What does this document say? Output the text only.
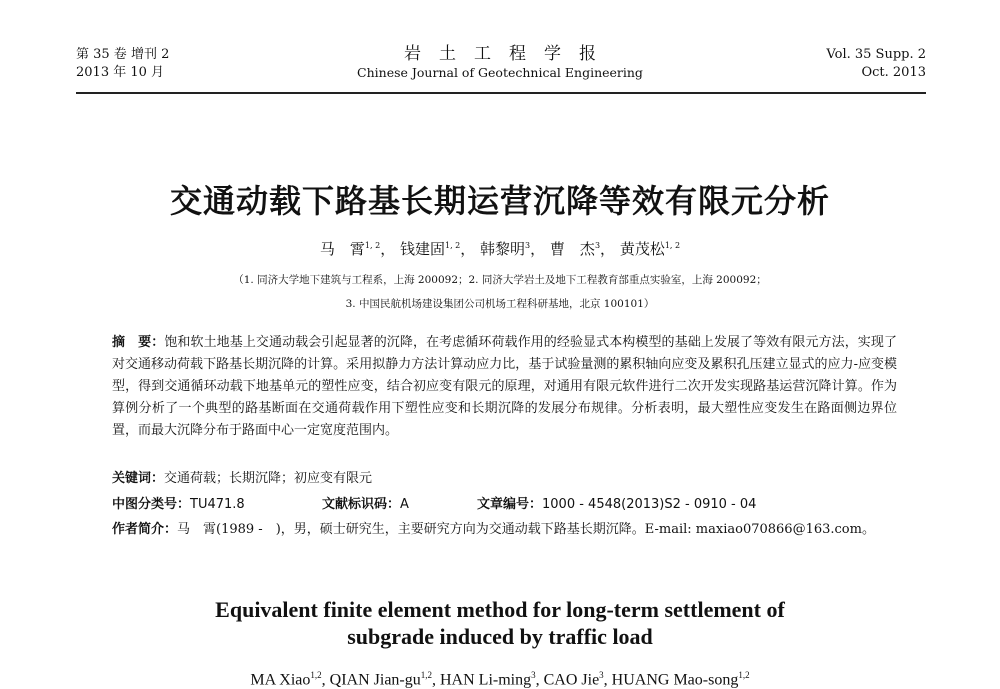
第 35 卷 增刊 2
2013 年 10 月
岩土工程学报
Chinese Journal of Geotechnical Engineering
Vol. 35 Supp. 2
Oct. 2013
交通动载下路基长期运营沉降等效有限元分析
马　霄$^{1, 2}$， 钱建固$^{1, 2}$， 韩黎明$^3$， 曹　杰$^3$， 黄茂松$^{1, 2}$
（1. 同济大学地下建筑与工程系，上海 200092；2. 同济大学岩土及地下工程教育部重点实验室，上海 200092；
3. 中国民航机场建设集团公司机场工程科研基地，北京 100101）
摘　要：饱和软土地基上交通动载会引起显著的沉降，在考虑循环荷载作用的经验显式本构模型的基础上发展了等效有限元方法，实现了对交通移动荷载下路基长期沉降的计算。采用拟静力方法计算动应力比，基于试验量测的累积轴向应变及累积孔压建立显式的应力-应变模型，得到交通循环动载下地基单元的塑性应变，结合初应变有限元的原理，对通用有限元软件进行二次开发实现路基运营沉降计算。作为算例分析了一个典型的路基断面在交通荷载作用下塑性应变和长期沉降的发展分布规律。分析表明，最大塑性应变发生在路面侧边界位置，而最大沉降分布于路面中心一定宽度范围内。
关键词：交通荷载；长期沉降；初应变有限元
中图分类号：TU471.8	文献标识码：A	文章编号：1000 - 4548(2013)S2 - 0910 - 04
作者简介：马　霄(1989 -　)，男，硕士研究生，主要研究方向为交通动载下路基长期沉降。E-mail: maxiao070866@163.com。
Equivalent finite element method for long-term settlement of
subgrade induced by traffic load
MA Xiao$^{1,2}$, QIAN Jian-gu$^{1,2}$, HAN Li-ming$^3$, CAO Jie$^3$, HUANG Mao-song$^{1,2}$
